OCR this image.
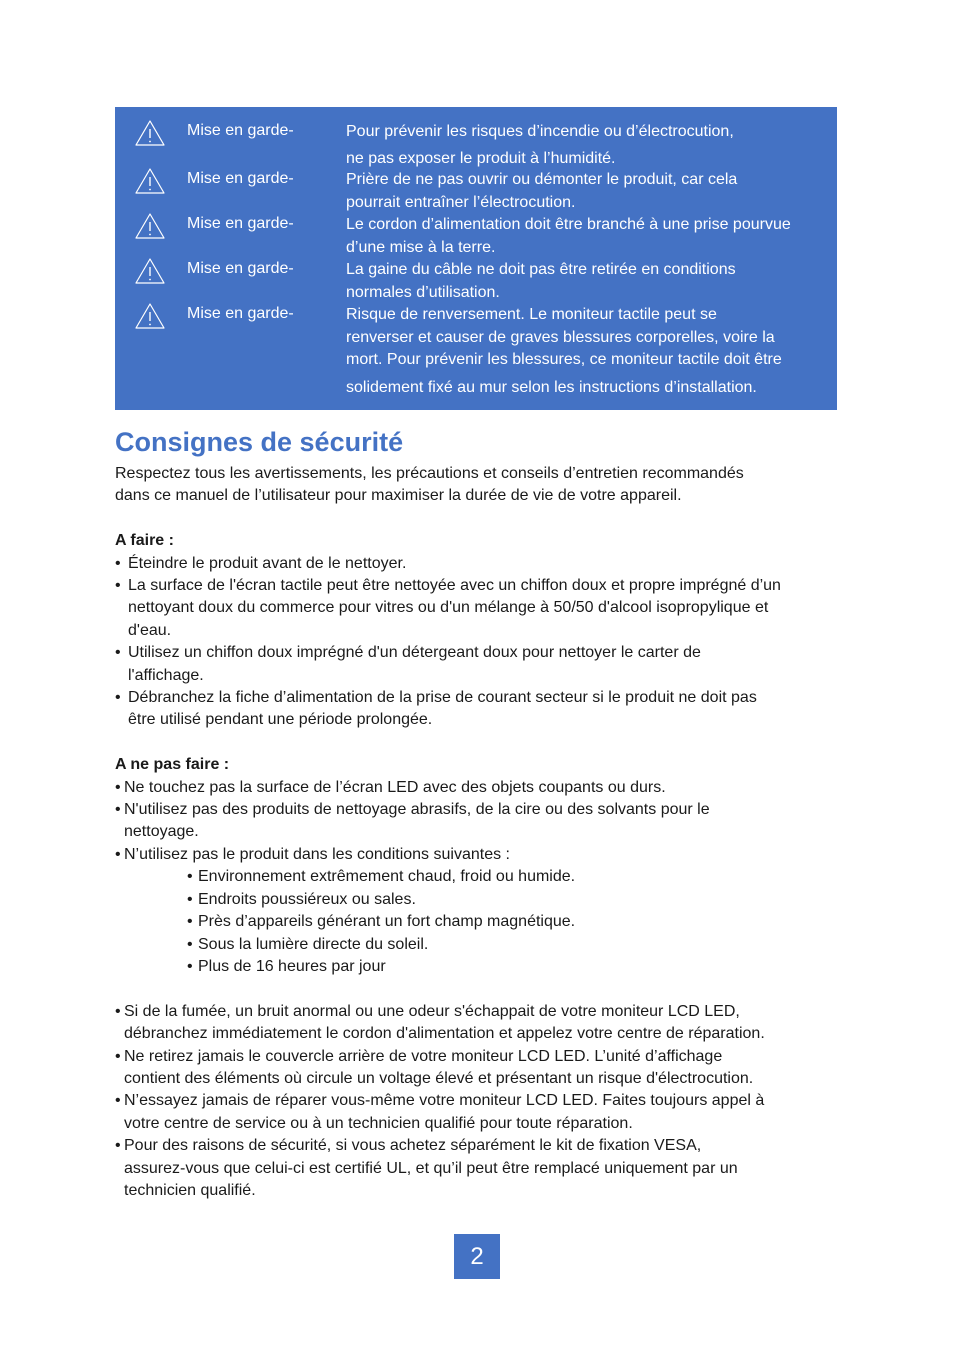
Mise en garde-	Pour prévenir les risques d’incendie ou d’électrocution,
ne pas exposer le produit à l’humidité.
Mise en garde-	Prière de ne pas ouvrir ou démonter le produit, car cela
pourrait entraîner l’électrocution.
Mise en garde-	Le cordon d’alimentation doit être branché à une prise pourvue
d’une mise à la terre.
Mise en garde-	La gaine du câble ne doit pas être retirée en conditions
normales d’utilisation.
Mise en garde-	Risque de renversement. Le moniteur tactile peut se
renverser et causer de graves blessures corporelles, voire la
mort. Pour prévenir les blessures, ce moniteur tactile doit être
solidement fixé au mur selon les instructions d’installation.
Consignes de sécurité

Respectez tous les avertissements, les précautions et conseils d’entretien recommandés
dans ce manuel de l’utilisateur pour maximiser la durée de vie de votre appareil.

A faire :

• Éteindre le produit avant de le nettoyer.
• La surface de l'écran tactile peut être nettoyée avec un chiffon doux et propre imprégné d’un
nettoyant doux du commerce pour vitres ou d'un mélange à 50/50 d'alcool isopropylique et
d'eau.
• Utilisez un chiffon doux imprégné d'un détergeant doux pour nettoyer le carter de
l'affichage.
• Débranchez la fiche d’alimentation de la prise de courant secteur si le produit ne doit pas
être utilisé pendant une période prolongée.

A ne pas faire :

• Ne touchez pas la surface de l’écran LED avec des objets coupants ou durs.
• N'utilisez pas des produits de nettoyage abrasifs, de la cire ou des solvants pour le
nettoyage.
• N’utilisez pas le produit dans les conditions suivantes :
• Environnement extrêmement chaud, froid ou humide.
• Endroits poussiéreux ou sales.
• Près d’appareils générant un fort champ magnétique.
• Sous la lumière directe du soleil.
• Plus de 16 heures par jour
• Si de la fumée, un bruit anormal ou une odeur s'échappait de votre moniteur LCD LED,
débranchez immédiatement le cordon d'alimentation et appelez votre centre de réparation.
• Ne retirez jamais le couvercle arrière de votre moniteur LCD LED. L’unité d’affichage
contient des éléments où circule un voltage élevé et présentant un risque d'électrocution.
• N’essayez jamais de réparer vous-même votre moniteur LCD LED. Faites toujours appel à
votre centre de service ou à un technicien qualifié pour toute réparation.
• Pour des raisons de sécurité, si vous achetez séparément le kit de fixation VESA,
assurez-vous que celui-ci est certifié UL, et qu’il peut être remplacé uniquement par un
technicien qualifié.
2
